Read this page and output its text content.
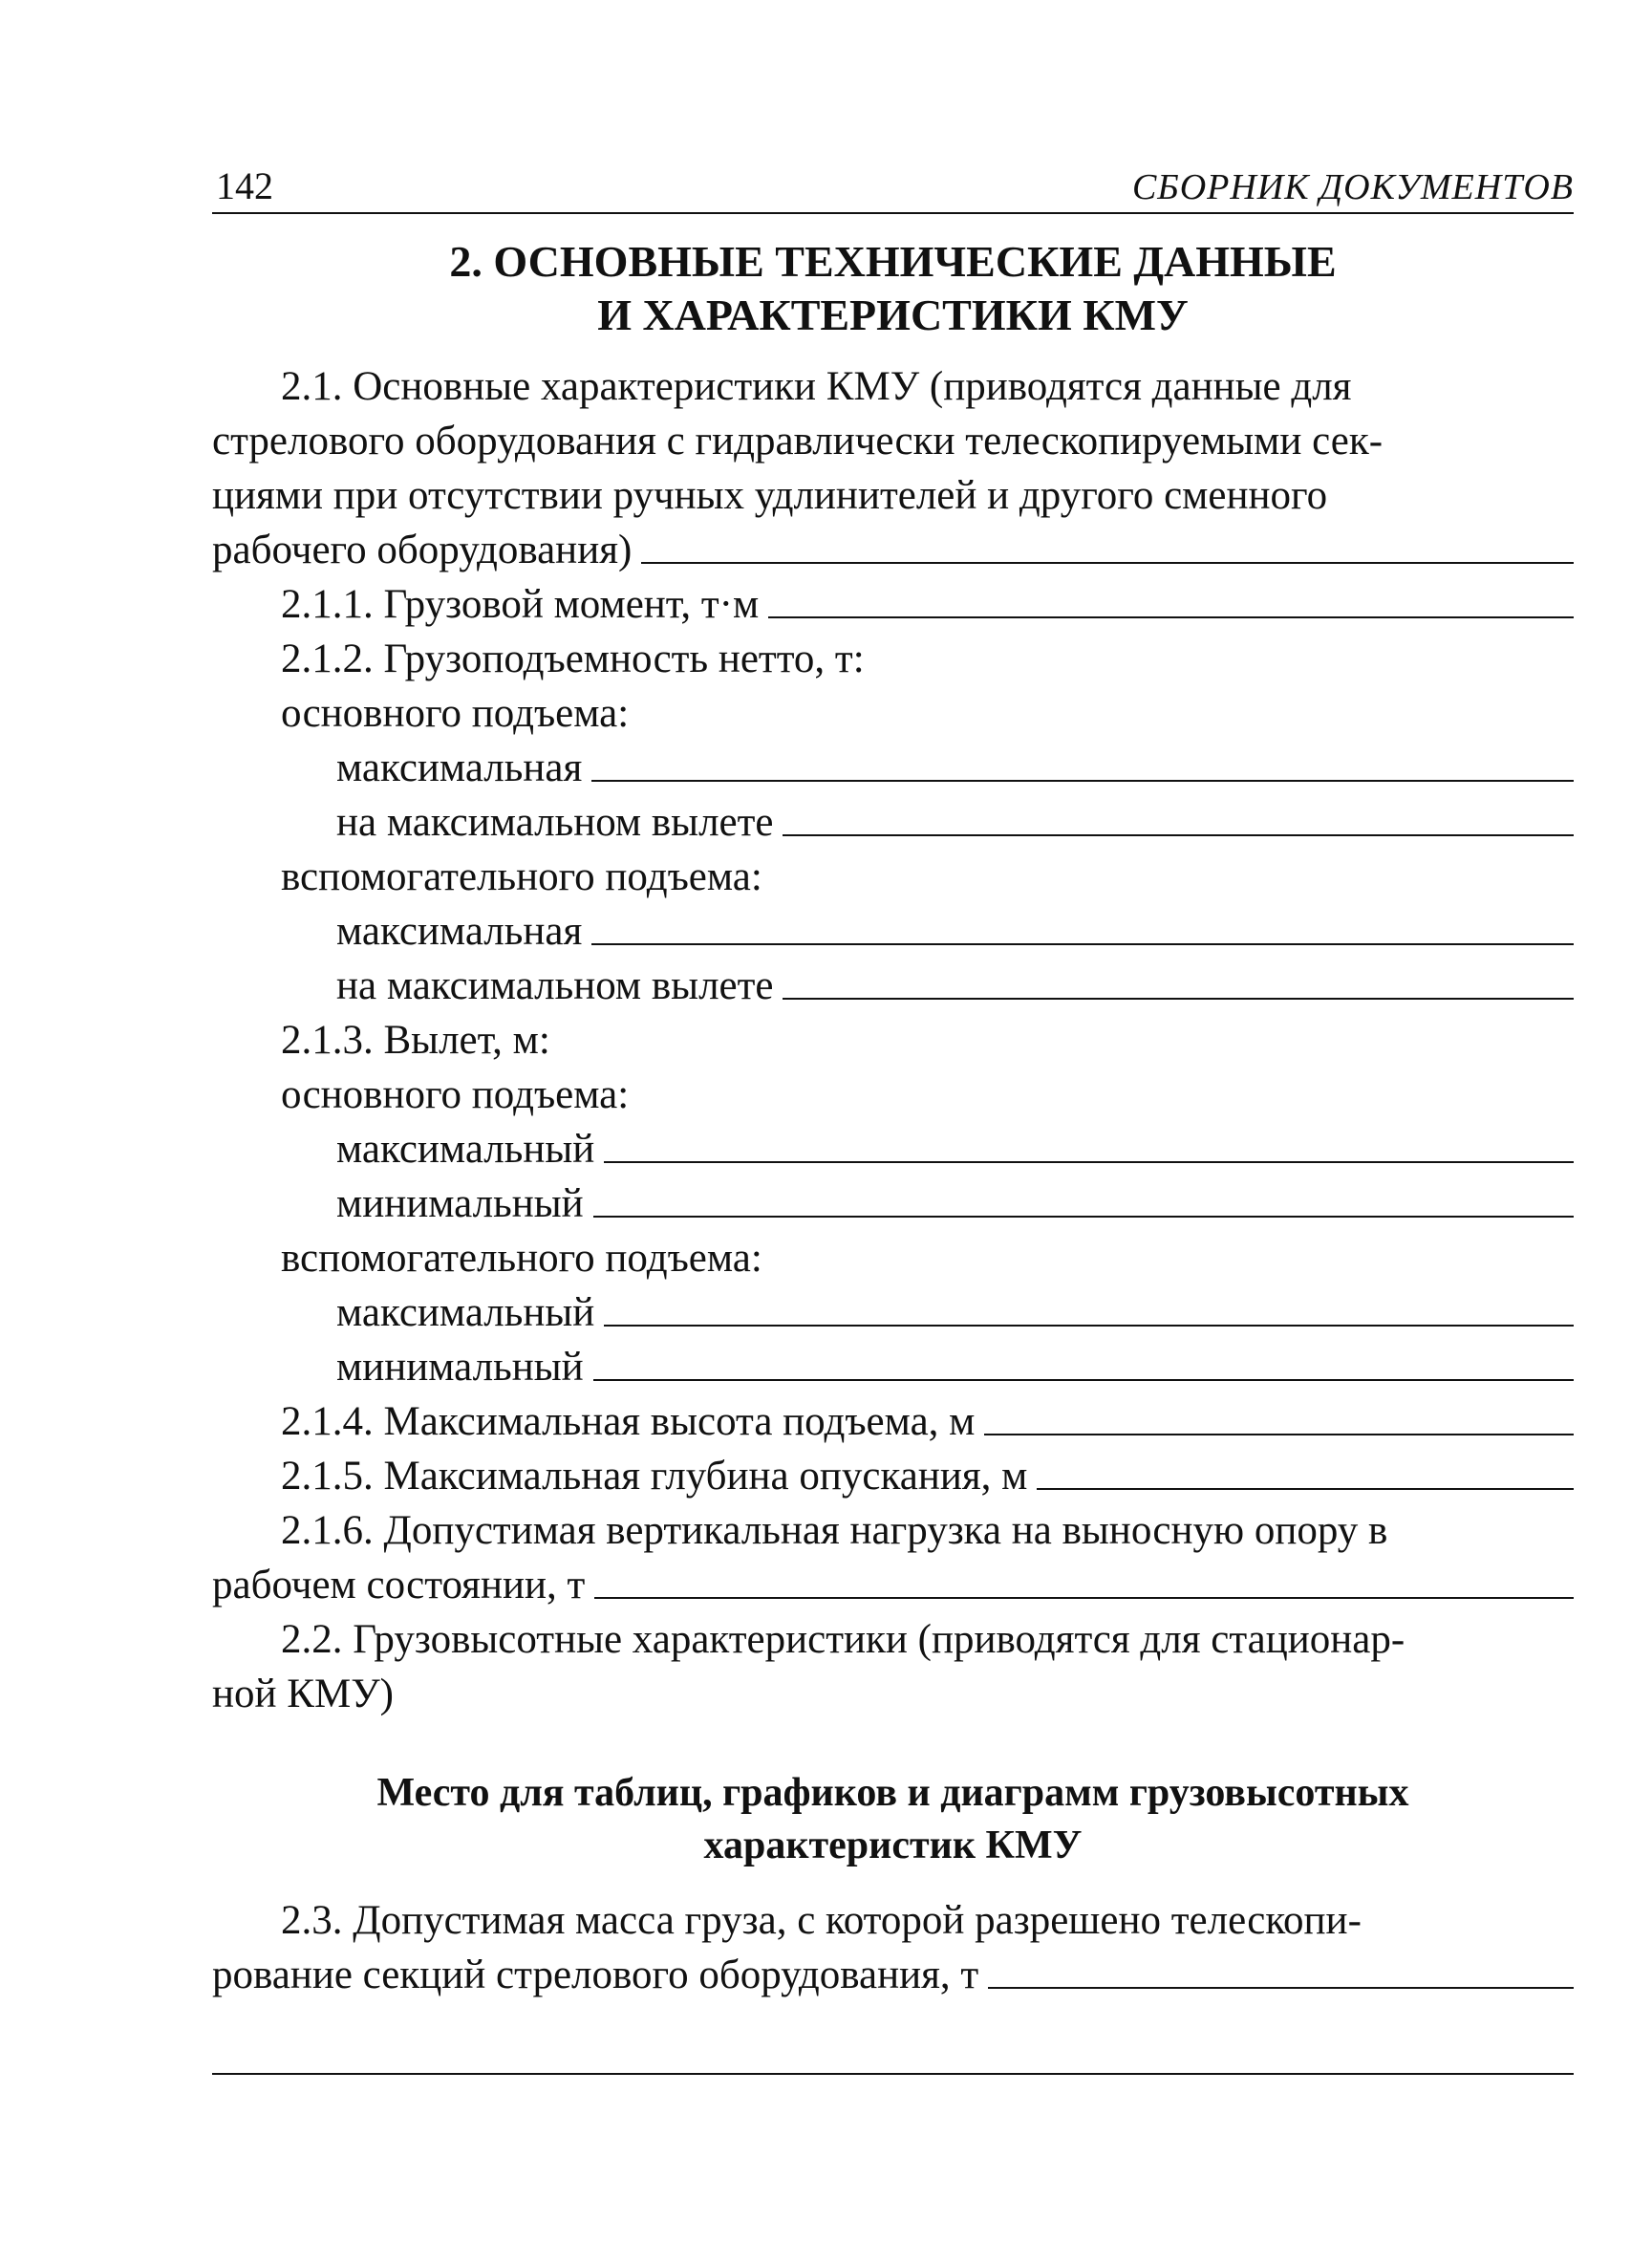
142	СБОРНИК ДОКУМЕНТОВ
2. ОСНОВНЫЕ ТЕХНИЧЕСКИЕ ДАННЫЕ
И ХАРАКТЕРИСТИКИ КМУ
2.1. Основные характеристики КМУ (приводятся данные для
стрелового оборудования с гидравлически телескопируемыми сек-
циями при отсутствии ручных удлинителей и другого сменного
рабочего оборудования)
2.1.1. Грузовой момент, т·м
2.1.2. Грузоподъемность нетто, т:
основного подъема:
максимальная
на максимальном вылете
вспомогательного подъема:
максимальная
на максимальном вылете
2.1.3. Вылет, м:
основного подъема:
максимальный
минимальный
вспомогательного подъема:
максимальный
минимальный
2.1.4. Максимальная высота подъема, м
2.1.5. Максимальная глубина опускания, м
2.1.6. Допустимая вертикальная нагрузка на выносную опору в
рабочем состоянии, т
2.2. Грузовысотные характеристики (приводятся для стационар-
ной КМУ)
Место для таблиц, графиков и диаграмм грузовысотных
характеристик КМУ
2.3. Допустимая масса груза, с которой разрешено телескопи-
рование секций стрелового оборудования, т
